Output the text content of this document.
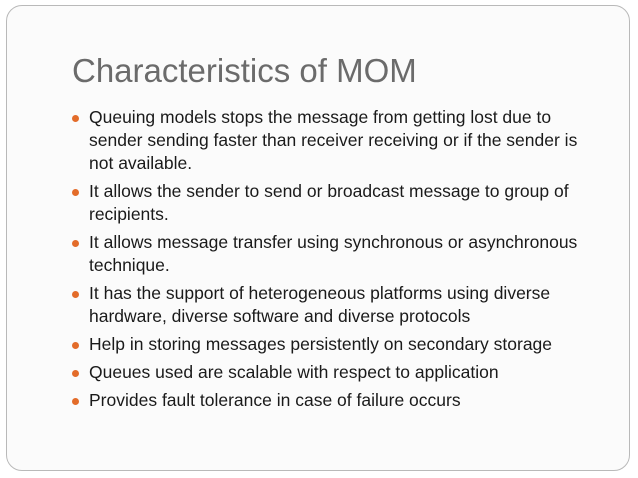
Characteristics of MOM
Queuing models stops the message from getting lost due to sender sending faster than receiver receiving or if the sender is not available.
It allows the sender to send or broadcast message to group of recipients.
It allows message transfer using synchronous or asynchronous technique.
It has the support of heterogeneous platforms using diverse hardware, diverse software and diverse protocols
Help in storing messages persistently on secondary storage
Queues used are scalable with respect to application
Provides fault tolerance in case of failure occurs
